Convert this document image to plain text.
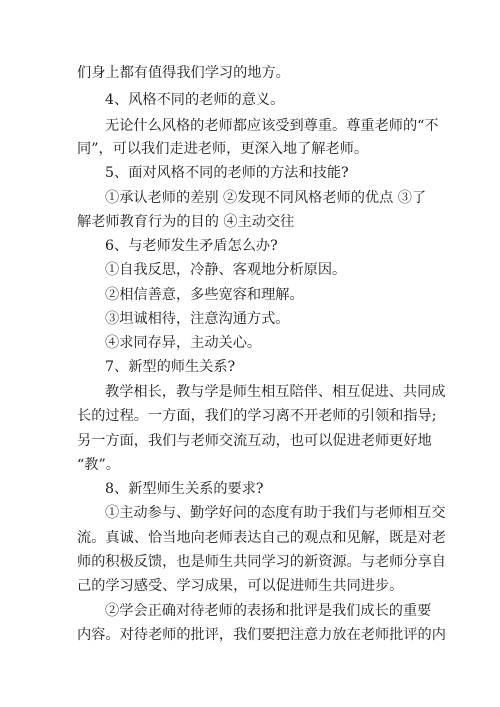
们身上都有值得我们学习的地方。
4、风格不同的老师的意义。
无论什么风格的老师都应该受到尊重。尊重老师的“不
同”，可以我们走进老师，更深入地了解老师。
5、面对风格不同的老师的方法和技能?
①承认老师的差别 ②发现不同风格老师的优点 ③了
解老师教育行为的目的 ④主动交往
6、与老师发生矛盾怎么办?
①自我反思，冷静、客观地分析原因。
②相信善意，多些宽容和理解。
③坦诚相待，注意沟通方式。
④求同存异，主动关心。
7、新型的师生关系?
教学相长，教与学是师生相互陪伴、相互促进、共同成
长的过程。一方面，我们的学习离不开老师的引领和指导;
另一方面，我们与老师交流互动，也可以促进老师更好地
“教”。
8、新型师生关系的要求?
①主动参与、勤学好问的态度有助于我们与老师相互交
流。真诚、恰当地向老师表达自己的观点和见解，既是对老
师的积极反馈，也是师生共同学习的新资源。与老师分享自
己的学习感受、学习成果，可以促进师生共同进步。
②学会正确对待老师的表扬和批评是我们成长的重要
内容。对待老师的批评，我们要把注意力放在老师批评的内
